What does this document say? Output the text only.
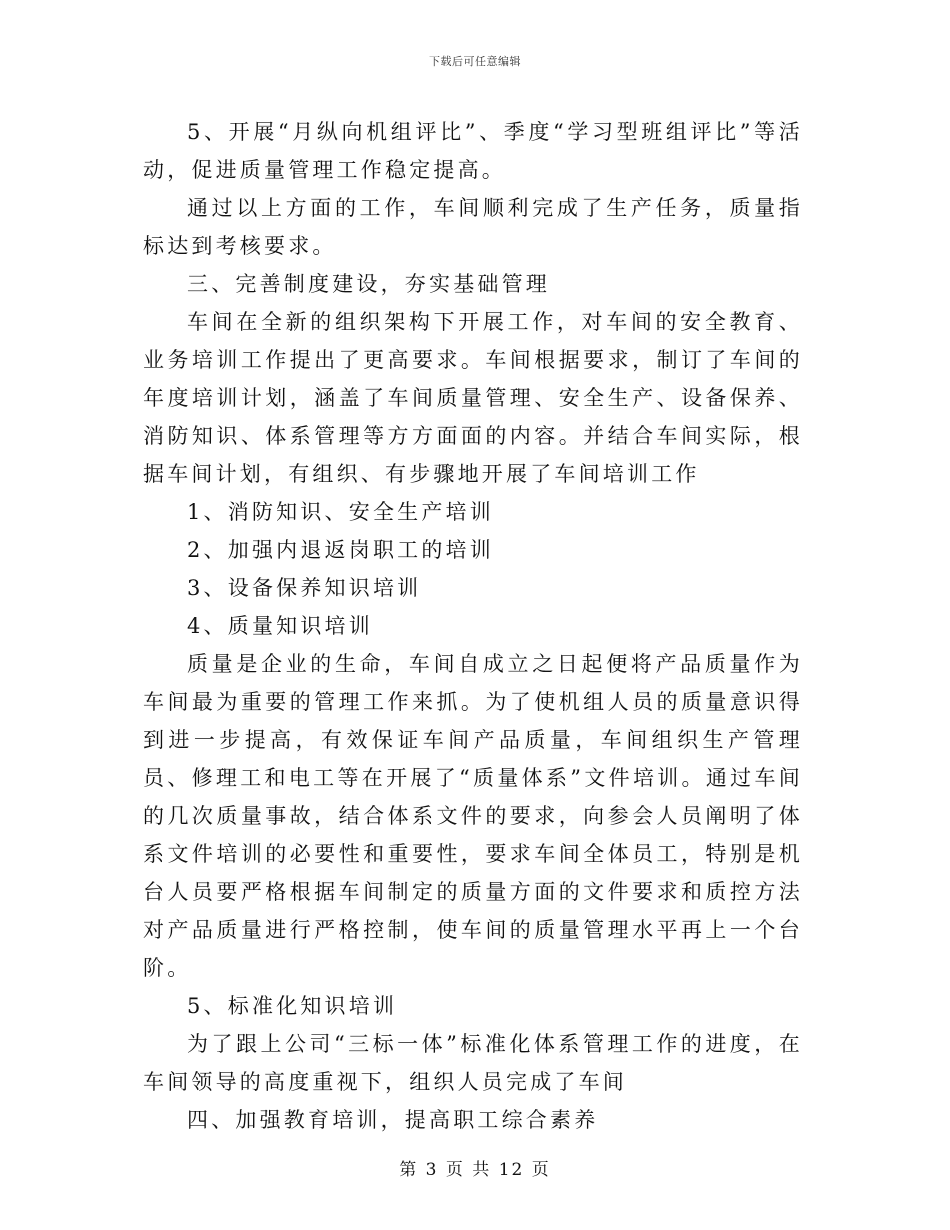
下载后可任意编辑

5、开展“月纵向机组评比”、季度“学习型班组评比”等活动，促进质量管理工作稳定提高。

通过以上方面的工作，车间顺利完成了生产任务，质量指标达到考核要求。

三、完善制度建设，夯实基础管理

车间在全新的组织架构下开展工作，对车间的安全教育、业务培训工作提出了更高要求。车间根据要求，制订了车间的年度培训计划，涵盖了车间质量管理、安全生产、设备保养、消防知识、体系管理等方方面面的内容。并结合车间实际，根据车间计划，有组织、有步骤地开展了车间培训工作

1、消防知识、安全生产培训

2、加强内退返岗职工的培训

3、设备保养知识培训

4、质量知识培训

质量是企业的生命，车间自成立之日起便将产品质量作为车间最为重要的管理工作来抓。为了使机组人员的质量意识得到进一步提高，有效保证车间产品质量，车间组织生产管理员、修理工和电工等在开展了“质量体系”文件培训。通过车间的几次质量事故，结合体系文件的要求，向参会人员阐明了体系文件培训的必要性和重要性，要求车间全体员工，特别是机台人员要严格根据车间制定的质量方面的文件要求和质控方法对产品质量进行严格控制，使车间的质量管理水平再上一个台阶。

5、标准化知识培训

为了跟上公司“三标一体”标准化体系管理工作的进度，在车间领导的高度重视下，组织人员完成了车间

四、加强教育培训，提高职工综合素养

第 3 页 共 12 页
